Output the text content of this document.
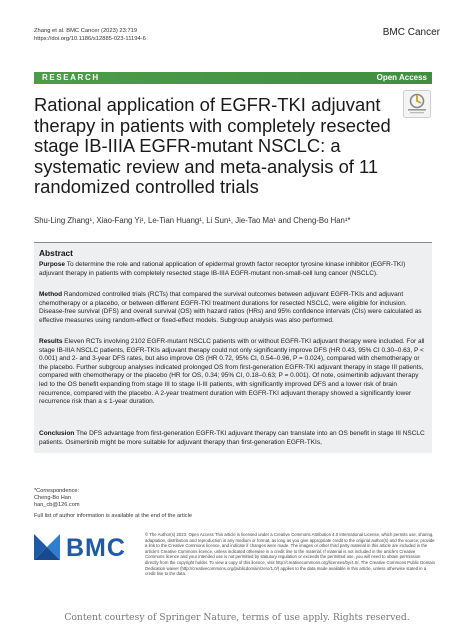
Zhang et al. BMC Cancer (2023) 23:719
https://doi.org/10.1186/s12885-023-11194-6
BMC Cancer
RESEARCH	Open Access
Rational application of EGFR-TKI adjuvant therapy in patients with completely resected stage IB-IIIA EGFR-mutant NSCLC: a systematic review and meta-analysis of 11 randomized controlled trials
Shu-Ling Zhang¹, Xiao-Fang Yi¹, Le-Tian Huang¹, Li Sun¹, Jie-Tao Ma¹ and Cheng-Bo Han¹*
Abstract
Purpose To determine the role and rational application of epidermal growth factor receptor tyrosine kinase inhibitor (EGFR-TKI) adjuvant therapy in patients with completely resected stage IB-IIIA EGFR-mutant non-small-cell lung cancer (NSCLC).
Method Randomized controlled trials (RCTs) that compared the survival outcomes between adjuvant EGFR-TKIs and adjuvant chemotherapy or a placebo, or between different EGFR-TKI treatment durations for resected NSCLC, were eligible for inclusion. Disease-free survival (DFS) and overall survival (OS) with hazard ratios (HRs) and 95% confidence intervals (CIs) were calculated as effective measures using random-effect or fixed-effect models. Subgroup analysis was also performed.
Results Eleven RCTs involving 2102 EGFR-mutant NSCLC patients with or without EGFR-TKI adjuvant therapy were included. For all stage IB-IIIA NSCLC patients, EGFR-TKIs adjuvant therapy could not only significantly improve DFS (HR 0.43, 95% CI 0.30–0.63, P < 0.001) and 2- and 3-year DFS rates, but also improve OS (HR 0.72, 95% CI, 0.54–0.96, P = 0.024), compared with chemotherapy or the placebo. Further subgroup analyses indicated prolonged OS from first-generation EGFR-TKI adjuvant therapy in stage III patients, compared with chemotherapy or the placebo (HR for OS, 0.34; 95% CI, 0.18–0.63; P = 0.001). Of note, osimertinib adjuvant therapy led to the OS benefit expanding from stage III to stage II-III patients, with significantly improved DFS and a lower risk of brain recurrence, compared with the placebo. A 2-year treatment duration with EGFR-TKI adjuvant therapy showed a significantly lower recurrence risk than a ≤ 1-year duration.
Conclusion The DFS advantage from first-generation EGFR-TKI adjuvant therapy can translate into an OS benefit in stage III NSCLC patients. Osimertinib might be more suitable for adjuvant therapy than first-generation EGFR-TKIs,
*Correspondence:
Cheng-Bo Han
han_cb@126.com
Full list of author information is available at the end of the article
BMC	© The Author(s) 2023. Open Access This article is licensed under a Creative Commons Attribution 4.0 International License, which permits use, sharing, adaptation, distribution and reproduction in any medium or format, as long as you give appropriate credit to the original author(s) and the source, provide a link to the Creative Commons licence, and indicate if changes were made. The images or other third party material in this article are included in the article's Creative Commons licence, unless indicated otherwise in a credit line to the material. If material is not included in the article's Creative Commons licence and your intended use is not permitted by statutory regulation or exceeds the permitted use, you will need to obtain permission directly from the copyright holder. To view a copy of this licence, visit http://creativecommons.org/licenses/by/4.0/. The Creative Commons Public Domain Dedication waiver (http://creativecommons.org/publicdomain/zero/1.0/) applies to the data made available in this article, unless otherwise stated in a credit line to the data.
Content courtesy of Springer Nature, terms of use apply. Rights reserved.
